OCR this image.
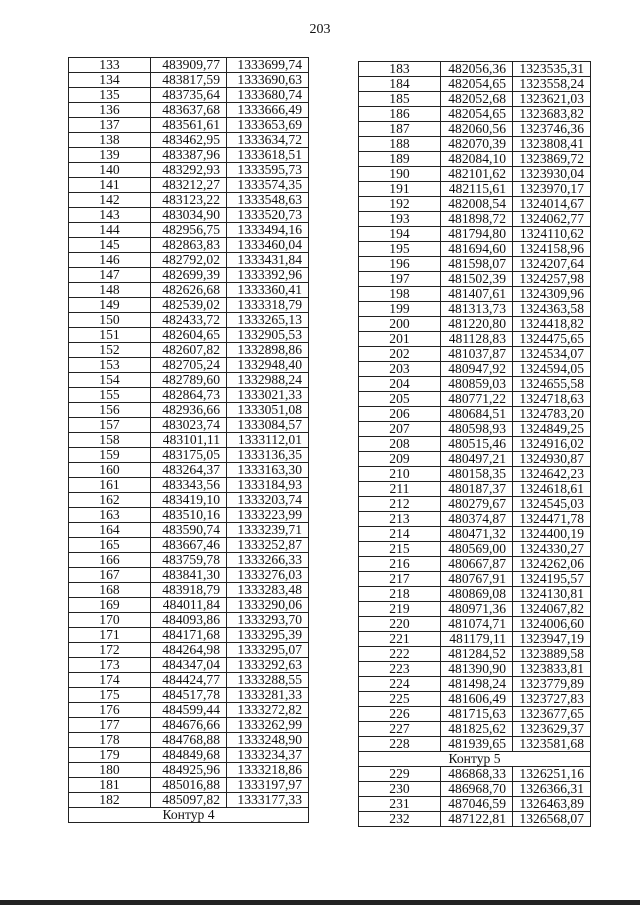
203
133	483909,77	1333699,74
134	483817,59	1333690,63
135	483735,64	1333680,74
136	483637,68	1333666,49
137	483561,61	1333653,69
138	483462,95	1333634,72
139	483387,96	1333618,51
140	483292,93	1333595,73
141	483212,27	1333574,35
142	483123,22	1333548,63
143	483034,90	1333520,73
144	482956,75	1333494,16
145	482863,83	1333460,04
146	482792,02	1333431,84
147	482699,39	1333392,96
148	482626,68	1333360,41
149	482539,02	1333318,79
150	482433,72	1333265,13
151	482604,65	1332905,53
152	482607,82	1332898,86
153	482705,24	1332948,40
154	482789,60	1332988,24
155	482864,73	1333021,33
156	482936,66	1333051,08
157	483023,74	1333084,57
158	483101,11	1333112,01
159	483175,05	1333136,35
160	483264,37	1333163,30
161	483343,56	1333184,93
162	483419,10	1333203,74
163	483510,16	1333223,99
164	483590,74	1333239,71
165	483667,46	1333252,87
166	483759,78	1333266,33
167	483841,30	1333276,03
168	483918,79	1333283,48
169	484011,84	1333290,06
170	484093,86	1333293,70
171	484171,68	1333295,39
172	484264,98	1333295,07
173	484347,04	1333292,63
174	484424,77	1333288,55
175	484517,78	1333281,33
176	484599,44	1333272,82
177	484676,66	1333262,99
178	484768,88	1333248,90
179	484849,68	1333234,37
180	484925,96	1333218,86
181	485016,88	1333197,97
182	485097,82	1333177,33
Контур 4		
183	482056,36	1323535,31
184	482054,65	1323558,24
185	482052,68	1323621,03
186	482054,65	1323683,82
187	482060,56	1323746,36
188	482070,39	1323808,41
189	482084,10	1323869,72
190	482101,62	1323930,04
191	482115,61	1323970,17
192	482008,54	1324014,67
193	481898,72	1324062,77
194	481794,80	1324110,62
195	481694,60	1324158,96
196	481598,07	1324207,64
197	481502,39	1324257,98
198	481407,61	1324309,96
199	481313,73	1324363,58
200	481220,80	1324418,82
201	481128,83	1324475,65
202	481037,87	1324534,07
203	480947,92	1324594,05
204	480859,03	1324655,58
205	480771,22	1324718,63
206	480684,51	1324783,20
207	480598,93	1324849,25
208	480515,46	1324916,02
209	480497,21	1324930,87
210	480158,35	1324642,23
211	480187,37	1324618,61
212	480279,67	1324545,03
213	480374,87	1324471,78
214	480471,32	1324400,19
215	480569,00	1324330,27
216	480667,87	1324262,06
217	480767,91	1324195,57
218	480869,08	1324130,81
219	480971,36	1324067,82
220	481074,71	1324006,60
221	481179,11	1323947,19
222	481284,52	1323889,58
223	481390,90	1323833,81
224	481498,24	1323779,89
225	481606,49	1323727,83
226	481715,63	1323677,65
227	481825,62	1323629,37
228	481939,65	1323581,68
Контур 5		
229	486868,33	1326251,16
230	486968,70	1326366,31
231	487046,59	1326463,89
232	487122,81	1326568,07
